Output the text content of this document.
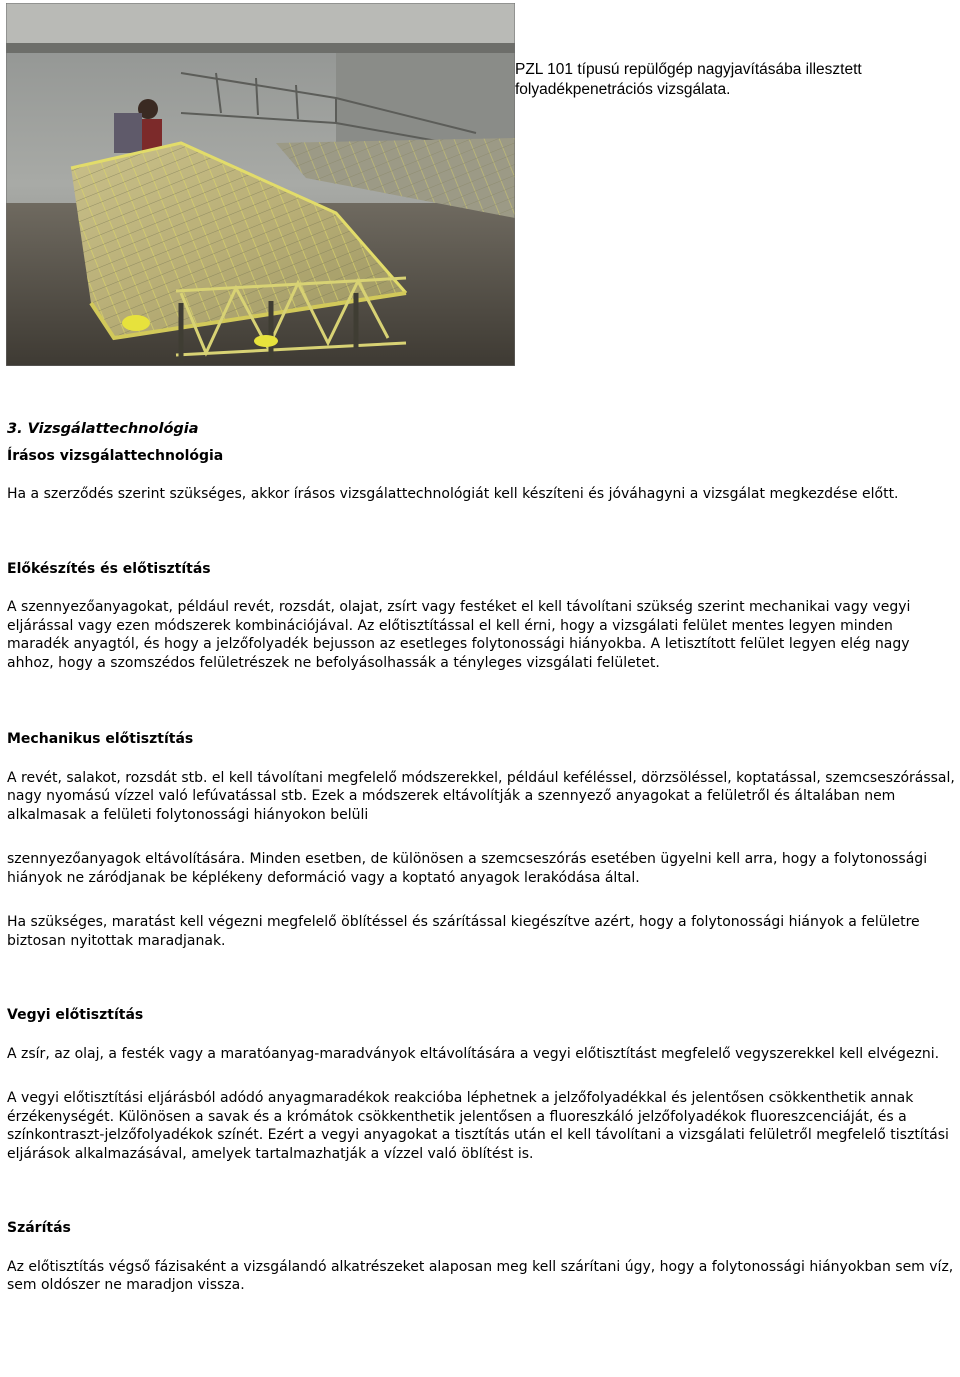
PZL 101 típusú repülőgép nagyjavításába illesztett
folyadékpenetrációs vizsgálata.

3. Vizsgálattechnológia

Írásos vizsgálattechnológia

Ha a szerződés szerint szükséges, akkor írásos vizsgálattechnológiát kell készíteni és jóváhagyni a vizsgálat megkezdése előtt.

Előkészítés és előtisztítás

A szennyezőanyagokat, például revét, rozsdát, olajat, zsírt vagy festéket el kell távolítani szükség szerint mechanikai vagy vegyi eljárással vagy ezen módszerek kombinációjával. Az előtisztítással el kell érni, hogy a vizsgálati felület mentes legyen minden maradék anyagtól, és hogy a jelzőfolyadék bejusson az esetleges folytonossági hiányokba. A letisztított felület legyen elég nagy ahhoz, hogy a szomszédos felületrészek ne befolyásolhassák a tényleges vizsgálati felületet.

Mechanikus előtisztítás

A revét, salakot, rozsdát stb. el kell távolítani megfelelő módszerekkel, például keféléssel, dörzsöléssel, koptatással, szemcseszórással, nagy nyomású vízzel való lefúvatással stb. Ezek a módszerek eltávolítják a szennyező anyagokat a felületről és általában nem alkalmasak a felületi folytonossági hiányokon belüli

szennyezőanyagok eltávolítására. Minden esetben, de különösen a szemcseszórás esetében ügyelni kell arra, hogy a folytonossági hiányok ne záródjanak be képlékeny deformáció vagy a koptató anyagok lerakódása által.

Ha szükséges, maratást kell végezni megfelelő öblítéssel és szárítással kiegészítve azért, hogy a folytonossági hiányok a felületre biztosan nyitottak maradjanak.

Vegyi előtisztítás

A zsír, az olaj, a festék vagy a maratóanyag-maradványok eltávolítására a vegyi előtisztítást megfelelő vegyszerekkel kell elvégezni.

A vegyi előtisztítási eljárásból adódó anyagmaradékok reakcióba léphetnek a jelzőfolyadékkal és jelentősen csökkenthetik annak érzékenységét. Különösen a savak és a krómátok csökkenthetik jelentősen a fluoreszkáló jelzőfolyadékok fluoreszcenciáját, és a színkontraszt-jelzőfolyadékok színét. Ezért a vegyi anyagokat a tisztítás után el kell távolítani a vizsgálati felületről megfelelő tisztítási eljárások alkalmazásával, amelyek tartalmazhatják a vízzel való öblítést is.

Szárítás

Az előtisztítás végső fázisaként a vizsgálandó alkatrészeket alaposan meg kell szárítani úgy, hogy a folytonossági hiányokban sem víz, sem oldószer ne maradjon vissza.
